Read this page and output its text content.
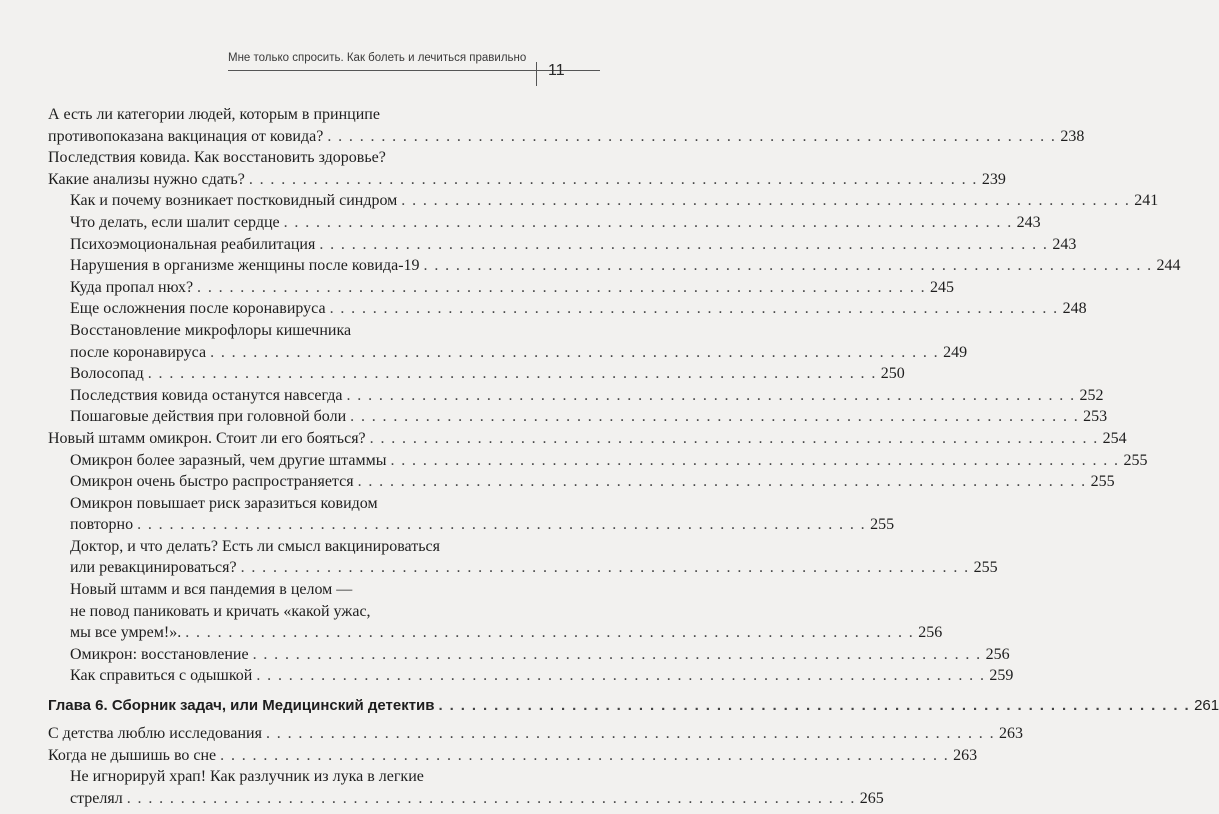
Мне только спросить. Как болеть и лечиться правильно
11
А есть ли категории людей, которым в принципе
противопоказана вакцинация от ковида? . . . . . . . . . . . . . . . . . . . . . . . . . . . . . . . . . . . . . . . . . . . . . . . . . . . . . . . . . . . . . . . . . . . . 238
Последствия ковида. Как восстановить здоровье?
Какие анализы нужно сдать? . . . . . . . . . . . . . . . . . . . . . . . . . . . . . . . . . . . . . . . . . . . . . . . . . . . . . . . . . . . . . . . . . . . . 239
Как и почему возникает постковидный синдром . . . . . . . . . . . . . . . . . . . . . . . . . . . . . . . . . . . . . . . . . . . . . . . . . . . . . . . . . . . . . . . . . . . . 241
Что делать, если шалит сердце . . . . . . . . . . . . . . . . . . . . . . . . . . . . . . . . . . . . . . . . . . . . . . . . . . . . . . . . . . . . . . . . . . . . 243
Психоэмоциональная реабилитация . . . . . . . . . . . . . . . . . . . . . . . . . . . . . . . . . . . . . . . . . . . . . . . . . . . . . . . . . . . . . . . . . . . . 243
Нарушения в организме женщины после ковида-19 . . . . . . . . . . . . . . . . . . . . . . . . . . . . . . . . . . . . . . . . . . . . . . . . . . . . . . . . . . . . . . . . . . . . 244
Куда пропал нюх? . . . . . . . . . . . . . . . . . . . . . . . . . . . . . . . . . . . . . . . . . . . . . . . . . . . . . . . . . . . . . . . . . . . . 245
Еще осложнения после коронавируса . . . . . . . . . . . . . . . . . . . . . . . . . . . . . . . . . . . . . . . . . . . . . . . . . . . . . . . . . . . . . . . . . . . . 248
Восстановление микрофлоры кишечника
после коронавируса . . . . . . . . . . . . . . . . . . . . . . . . . . . . . . . . . . . . . . . . . . . . . . . . . . . . . . . . . . . . . . . . . . . . 249
Волосопад . . . . . . . . . . . . . . . . . . . . . . . . . . . . . . . . . . . . . . . . . . . . . . . . . . . . . . . . . . . . . . . . . . . . 250
Последствия ковида останутся навсегда . . . . . . . . . . . . . . . . . . . . . . . . . . . . . . . . . . . . . . . . . . . . . . . . . . . . . . . . . . . . . . . . . . . . 252
Пошаговые действия при головной боли . . . . . . . . . . . . . . . . . . . . . . . . . . . . . . . . . . . . . . . . . . . . . . . . . . . . . . . . . . . . . . . . . . . . 253
Новый штамм омикрон. Стоит ли его бояться? . . . . . . . . . . . . . . . . . . . . . . . . . . . . . . . . . . . . . . . . . . . . . . . . . . . . . . . . . . . . . . . . . . . . 254
Омикрон более заразный, чем другие штаммы . . . . . . . . . . . . . . . . . . . . . . . . . . . . . . . . . . . . . . . . . . . . . . . . . . . . . . . . . . . . . . . . . . . . 255
Омикрон очень быстро распространяется . . . . . . . . . . . . . . . . . . . . . . . . . . . . . . . . . . . . . . . . . . . . . . . . . . . . . . . . . . . . . . . . . . . . 255
Омикрон повышает риск заразиться ковидом
повторно . . . . . . . . . . . . . . . . . . . . . . . . . . . . . . . . . . . . . . . . . . . . . . . . . . . . . . . . . . . . . . . . . . . . 255
Доктор, и что делать? Есть ли смысл вакцинироваться
или ревакцинироваться? . . . . . . . . . . . . . . . . . . . . . . . . . . . . . . . . . . . . . . . . . . . . . . . . . . . . . . . . . . . . . . . . . . . . 255
Новый штамм и вся пандемия в целом —
не повод паниковать и кричать «какой ужас,
мы все умрем!». . . . . . . . . . . . . . . . . . . . . . . . . . . . . . . . . . . . . . . . . . . . . . . . . . . . . . . . . . . . . . . . . . . . . 256
Омикрон: восстановление . . . . . . . . . . . . . . . . . . . . . . . . . . . . . . . . . . . . . . . . . . . . . . . . . . . . . . . . . . . . . . . . . . . . 256
Как справиться с одышкой . . . . . . . . . . . . . . . . . . . . . . . . . . . . . . . . . . . . . . . . . . . . . . . . . . . . . . . . . . . . . . . . . . . . 259
Глава 6. Сборник задач, или Медицинский детектив . . . . . . . . . . . . . . . . . . . . . . . . . . . . . . . . . . . . . . . . . . . . . . . . . . . . . . . . . . . . . . . . . . . . 261
С детства люблю исследования . . . . . . . . . . . . . . . . . . . . . . . . . . . . . . . . . . . . . . . . . . . . . . . . . . . . . . . . . . . . . . . . . . . . 263
Когда не дышишь во сне . . . . . . . . . . . . . . . . . . . . . . . . . . . . . . . . . . . . . . . . . . . . . . . . . . . . . . . . . . . . . . . . . . . . 263
Не игнорируй храп! Как разлучник из лука в легкие
стрелял . . . . . . . . . . . . . . . . . . . . . . . . . . . . . . . . . . . . . . . . . . . . . . . . . . . . . . . . . . . . . . . . . . . . 265
